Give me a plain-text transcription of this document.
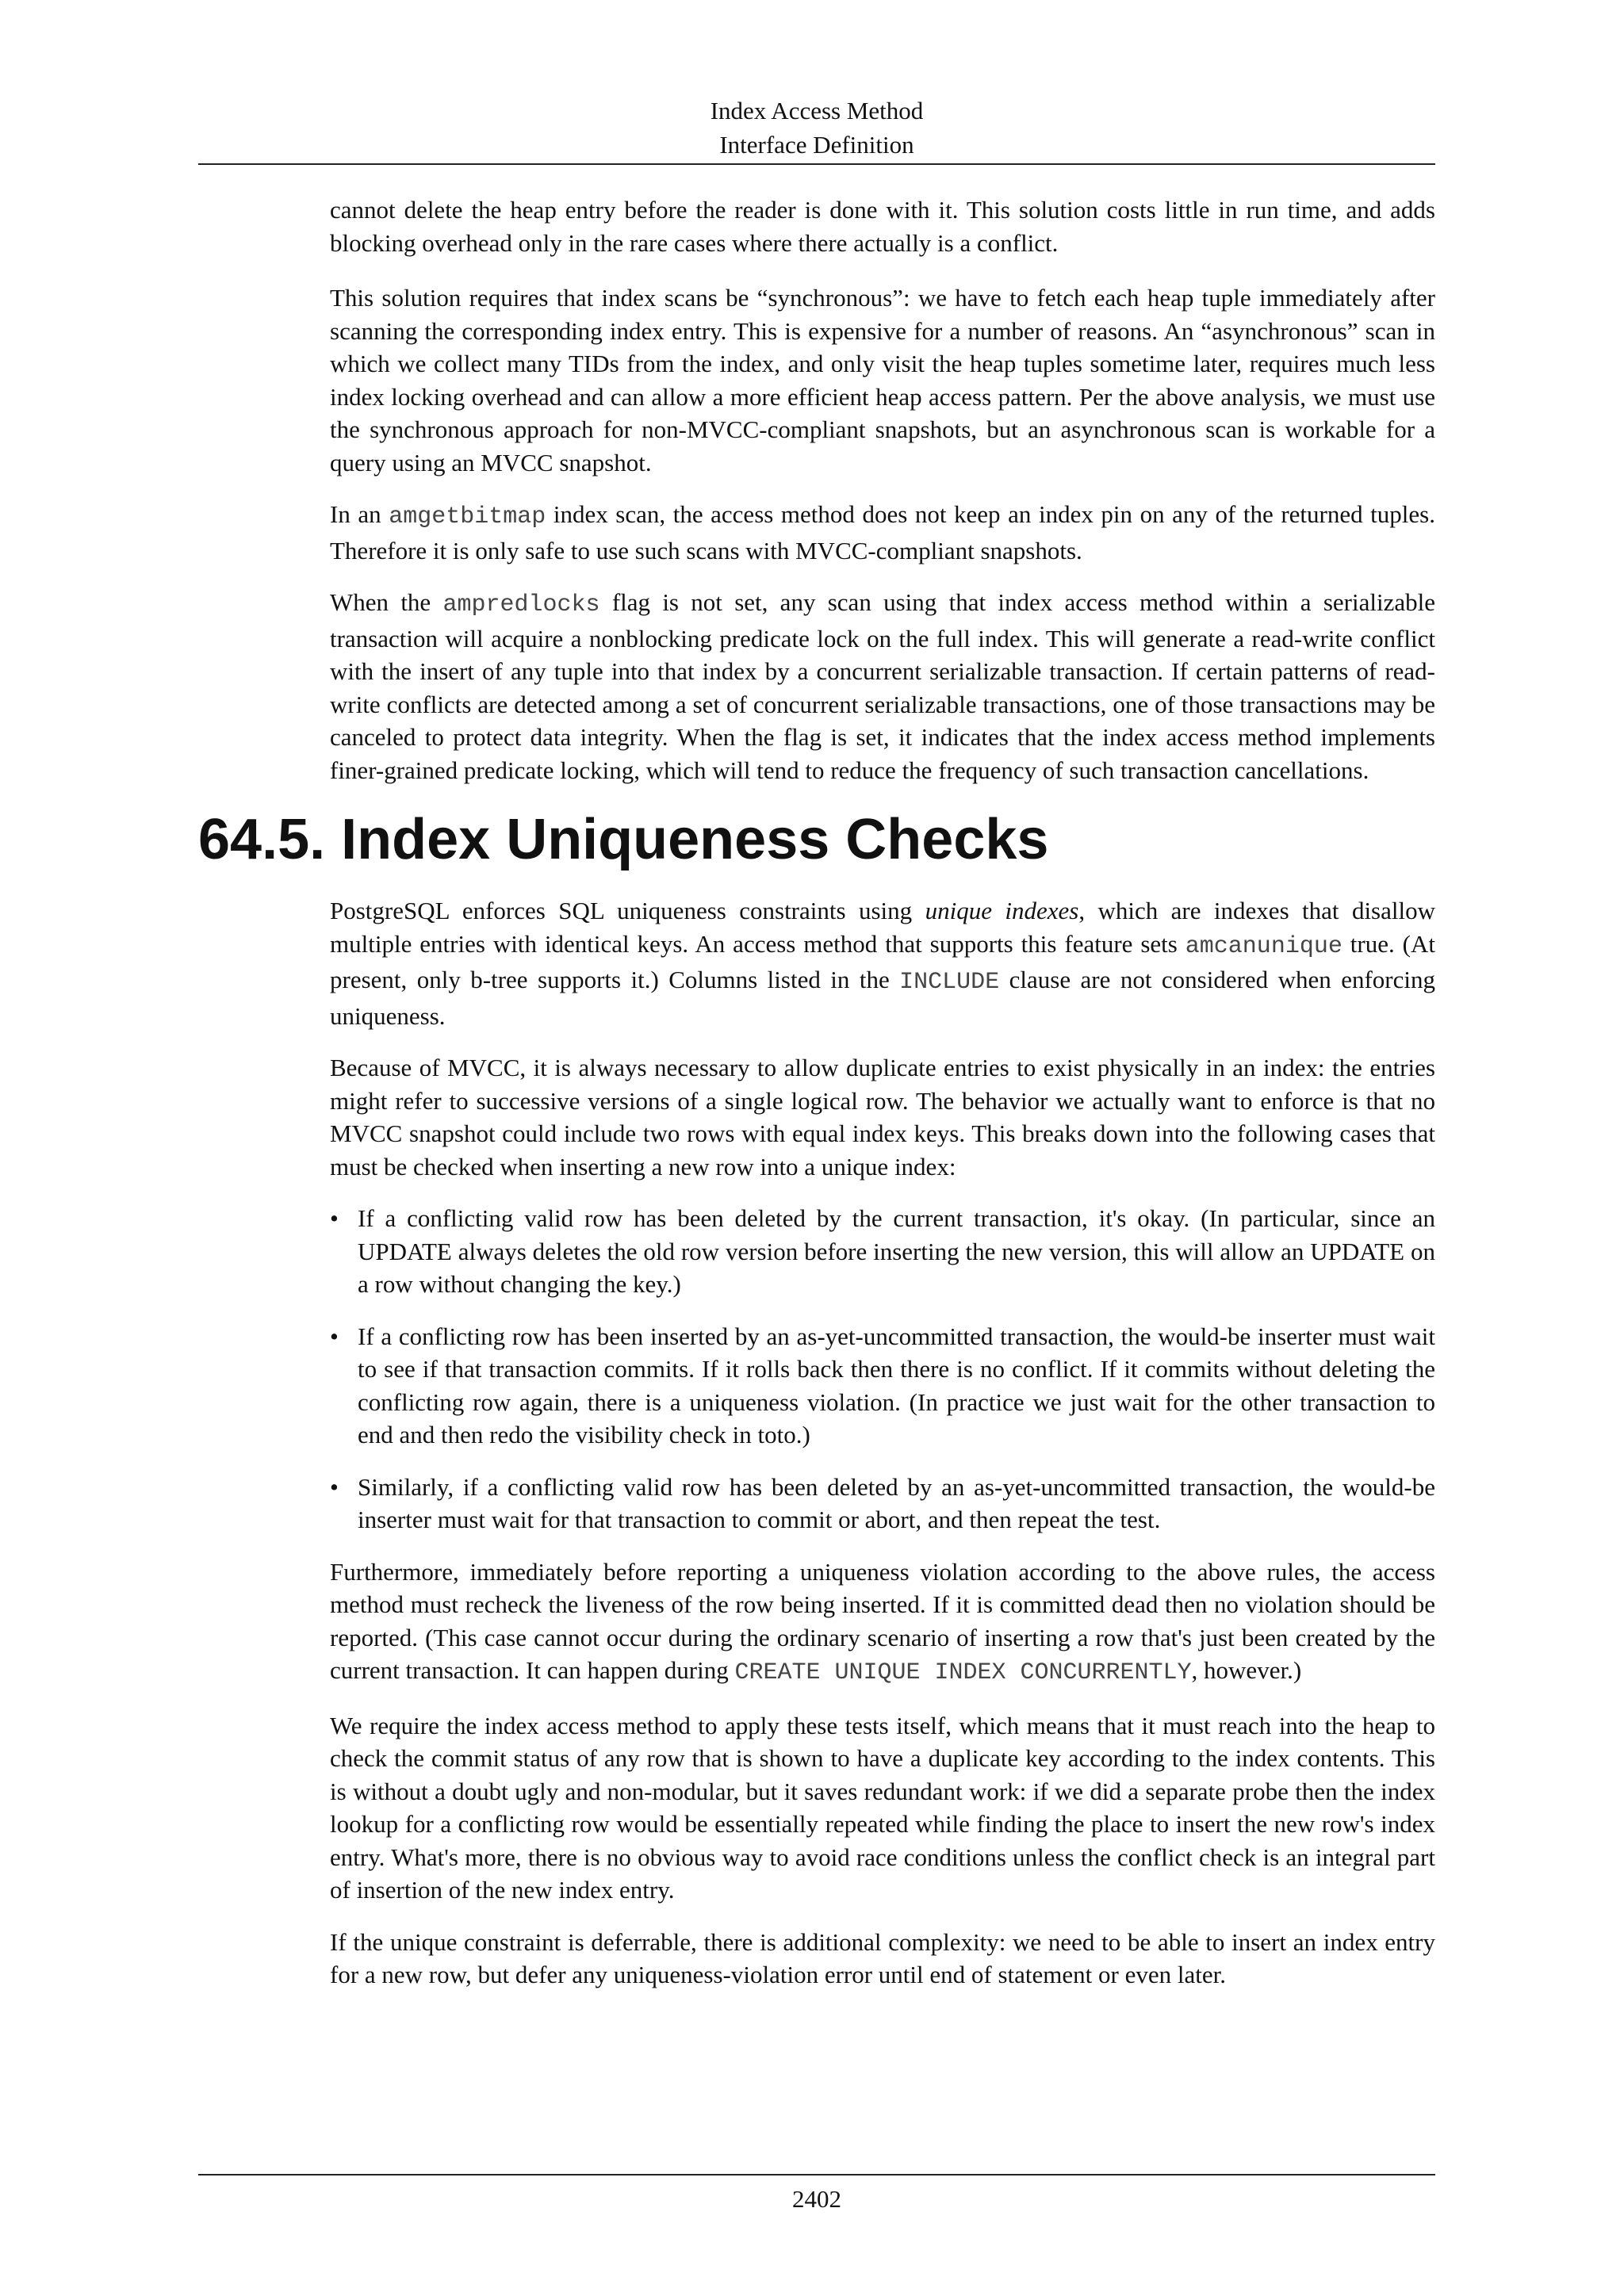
Index Access Method
Interface Definition

cannot delete the heap entry before the reader is done with it. This solution costs little in run time, and adds blocking overhead only in the rare cases where there actually is a conflict.

This solution requires that index scans be “synchronous”: we have to fetch each heap tuple immediately after scanning the corresponding index entry. This is expensive for a number of reasons. An “asynchronous” scan in which we collect many TIDs from the index, and only visit the heap tuples sometime later, requires much less index locking overhead and can allow a more efficient heap access pattern. Per the above analysis, we must use the synchronous approach for non-MVCC-compliant snapshots, but an asynchronous scan is workable for a query using an MVCC snapshot.

In an amgetbitmap index scan, the access method does not keep an index pin on any of the returned tuples. Therefore it is only safe to use such scans with MVCC-compliant snapshots.

When the ampredlocks flag is not set, any scan using that index access method within a serializable transaction will acquire a nonblocking predicate lock on the full index. This will generate a read-write conflict with the insert of any tuple into that index by a concurrent serializable transaction. If certain patterns of read-write conflicts are detected among a set of concurrent serializable transactions, one of those transactions may be canceled to protect data integrity. When the flag is set, it indicates that the index access method implements finer-grained predicate locking, which will tend to reduce the frequency of such transaction cancellations.

64.5. Index Uniqueness Checks

PostgreSQL enforces SQL uniqueness constraints using unique indexes, which are indexes that disallow multiple entries with identical keys. An access method that supports this feature sets amcanunique true. (At present, only b-tree supports it.) Columns listed in the INCLUDE clause are not considered when enforcing uniqueness.

Because of MVCC, it is always necessary to allow duplicate entries to exist physically in an index: the entries might refer to successive versions of a single logical row. The behavior we actually want to enforce is that no MVCC snapshot could include two rows with equal index keys. This breaks down into the following cases that must be checked when inserting a new row into a unique index:

• If a conflicting valid row has been deleted by the current transaction, it's okay. (In particular, since an UPDATE always deletes the old row version before inserting the new version, this will allow an UPDATE on a row without changing the key.)
• If a conflicting row has been inserted by an as-yet-uncommitted transaction, the would-be inserter must wait to see if that transaction commits. If it rolls back then there is no conflict. If it commits without deleting the conflicting row again, there is a uniqueness violation. (In practice we just wait for the other transaction to end and then redo the visibility check in toto.)
• Similarly, if a conflicting valid row has been deleted by an as-yet-uncommitted transaction, the would-be inserter must wait for that transaction to commit or abort, and then repeat the test.

Furthermore, immediately before reporting a uniqueness violation according to the above rules, the access method must recheck the liveness of the row being inserted. If it is committed dead then no violation should be reported. (This case cannot occur during the ordinary scenario of inserting a row that's just been created by the current transaction. It can happen during CREATE UNIQUE INDEX CONCURRENTLY, however.)

We require the index access method to apply these tests itself, which means that it must reach into the heap to check the commit status of any row that is shown to have a duplicate key according to the index contents. This is without a doubt ugly and non-modular, but it saves redundant work: if we did a separate probe then the index lookup for a conflicting row would be essentially repeated while finding the place to insert the new row's index entry. What's more, there is no obvious way to avoid race conditions unless the conflict check is an integral part of insertion of the new index entry.

If the unique constraint is deferrable, there is additional complexity: we need to be able to insert an index entry for a new row, but defer any uniqueness-violation error until end of statement or even later.

2402
